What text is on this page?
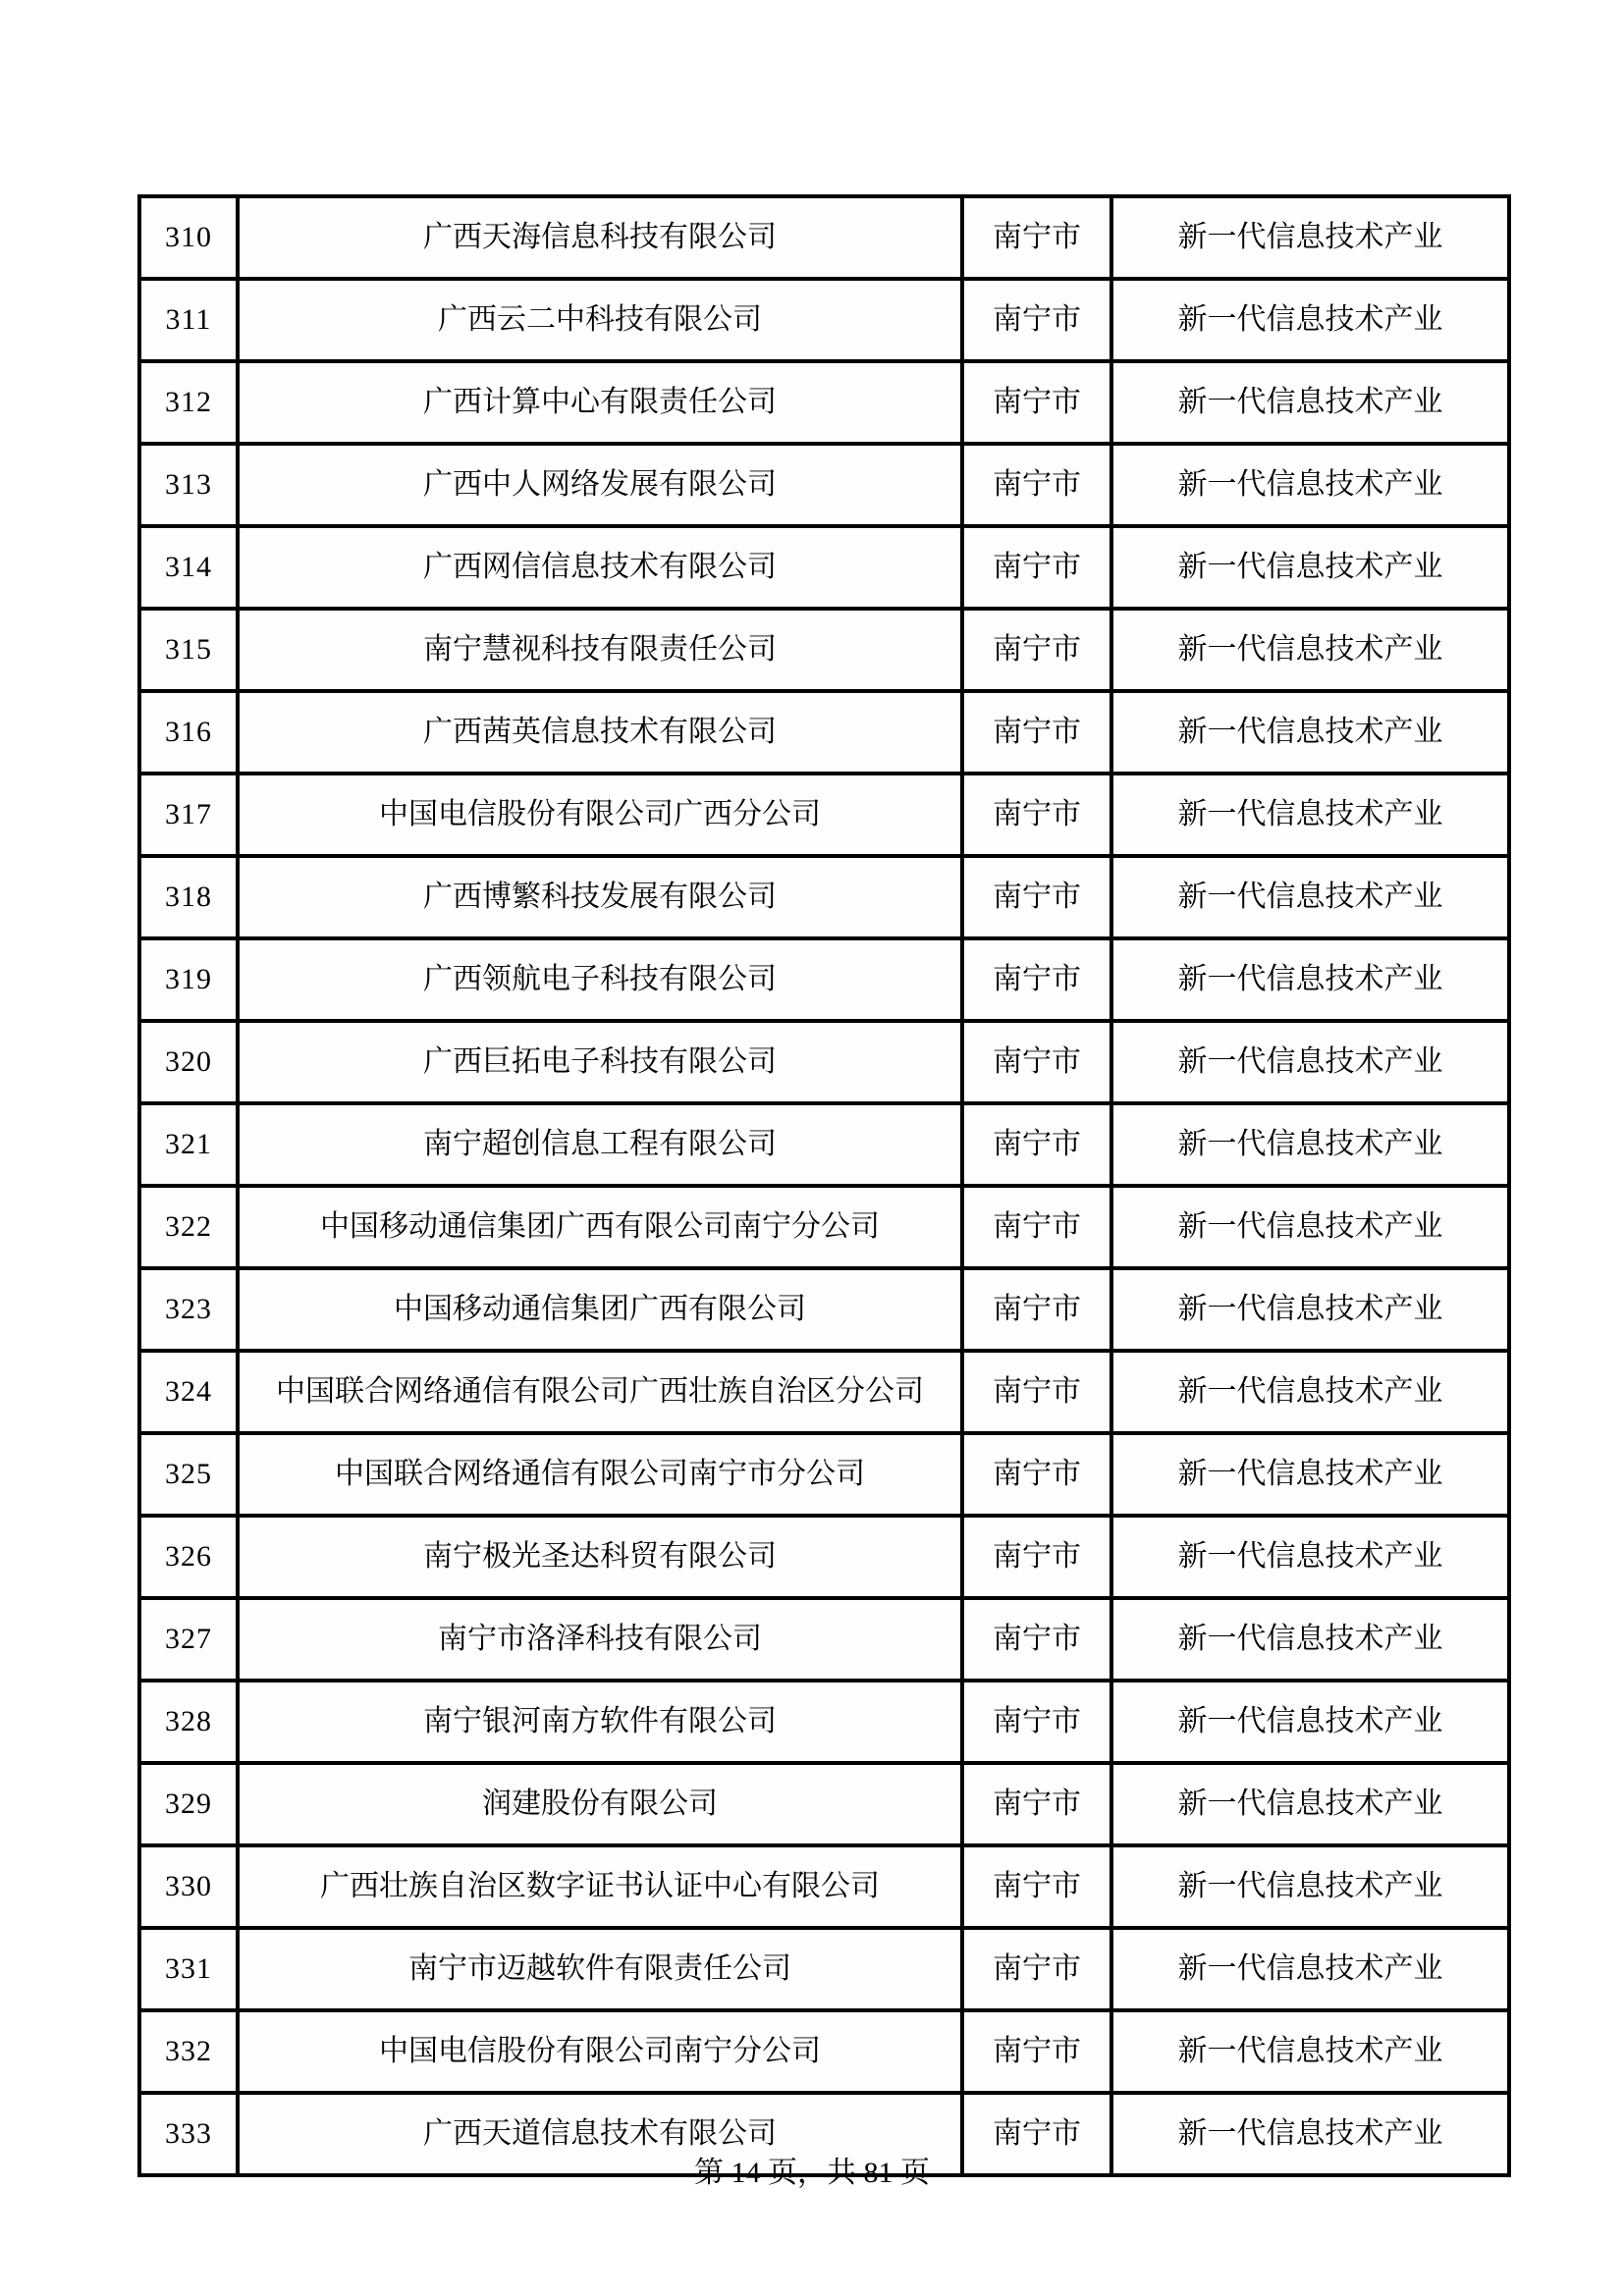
310	广西天海信息科技有限公司	南宁市	新一代信息技术产业
311	广西云二中科技有限公司	南宁市	新一代信息技术产业
312	广西计算中心有限责任公司	南宁市	新一代信息技术产业
313	广西中人网络发展有限公司	南宁市	新一代信息技术产业
314	广西网信信息技术有限公司	南宁市	新一代信息技术产业
315	南宁慧视科技有限责任公司	南宁市	新一代信息技术产业
316	广西茜英信息技术有限公司	南宁市	新一代信息技术产业
317	中国电信股份有限公司广西分公司	南宁市	新一代信息技术产业
318	广西博繁科技发展有限公司	南宁市	新一代信息技术产业
319	广西领航电子科技有限公司	南宁市	新一代信息技术产业
320	广西巨拓电子科技有限公司	南宁市	新一代信息技术产业
321	南宁超创信息工程有限公司	南宁市	新一代信息技术产业
322	中国移动通信集团广西有限公司南宁分公司	南宁市	新一代信息技术产业
323	中国移动通信集团广西有限公司	南宁市	新一代信息技术产业
324	中国联合网络通信有限公司广西壮族自治区分公司	南宁市	新一代信息技术产业
325	中国联合网络通信有限公司南宁市分公司	南宁市	新一代信息技术产业
326	南宁极光圣达科贸有限公司	南宁市	新一代信息技术产业
327	南宁市洛泽科技有限公司	南宁市	新一代信息技术产业
328	南宁银河南方软件有限公司	南宁市	新一代信息技术产业
329	润建股份有限公司	南宁市	新一代信息技术产业
330	广西壮族自治区数字证书认证中心有限公司	南宁市	新一代信息技术产业
331	南宁市迈越软件有限责任公司	南宁市	新一代信息技术产业
332	中国电信股份有限公司南宁分公司	南宁市	新一代信息技术产业
333	广西天道信息技术有限公司	南宁市	新一代信息技术产业
第 14 页，共 81 页
